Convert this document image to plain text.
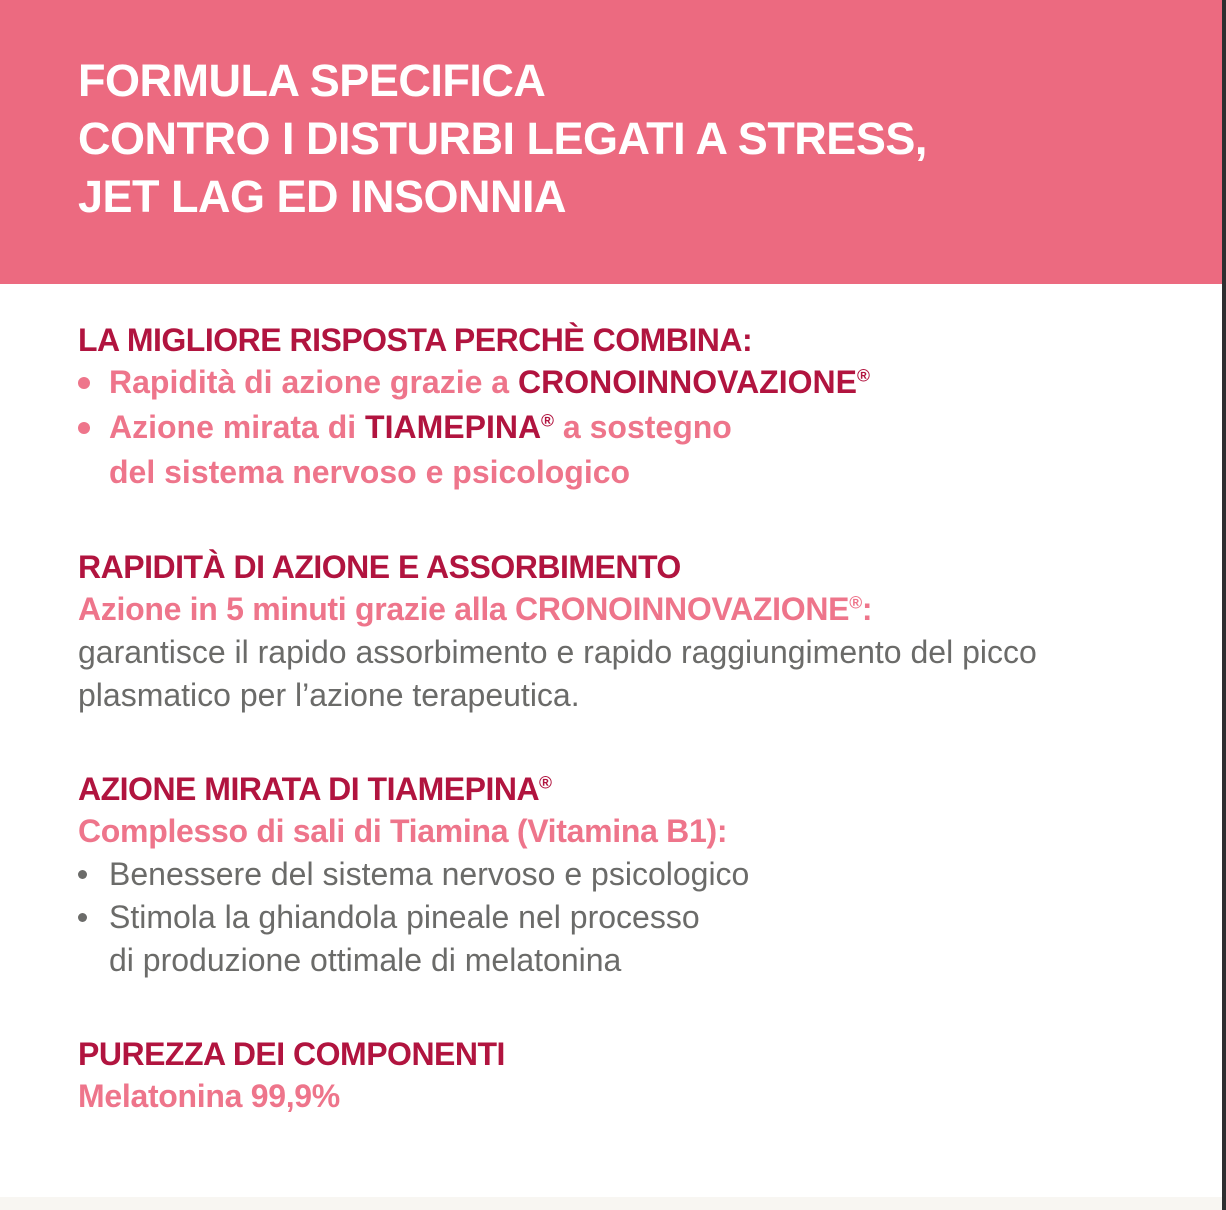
FORMULA SPECIFICA
CONTRO I DISTURBI LEGATI A STRESS,
JET LAG ED INSONNIA
LA MIGLIORE RISPOSTA PERCHÈ COMBINA:
Rapidità di azione grazie a CRONOINNOVAZIONE®
Azione mirata di TIAMEPINA® a sostegno
del sistema nervoso e psicologico
RAPIDITÀ DI AZIONE E ASSORBIMENTO
Azione in 5 minuti grazie alla CRONOINNOVAZIONE®:
garantisce il rapido assorbimento e rapido raggiungimento del picco plasmatico per l’azione terapeutica.
AZIONE MIRATA DI TIAMEPINA®
Complesso di sali di Tiamina (Vitamina B1):
Benessere del sistema nervoso e psicologico
Stimola la ghiandola pineale nel processo
di produzione ottimale di melatonina
PUREZZA DEI COMPONENTI
Melatonina 99,9%
